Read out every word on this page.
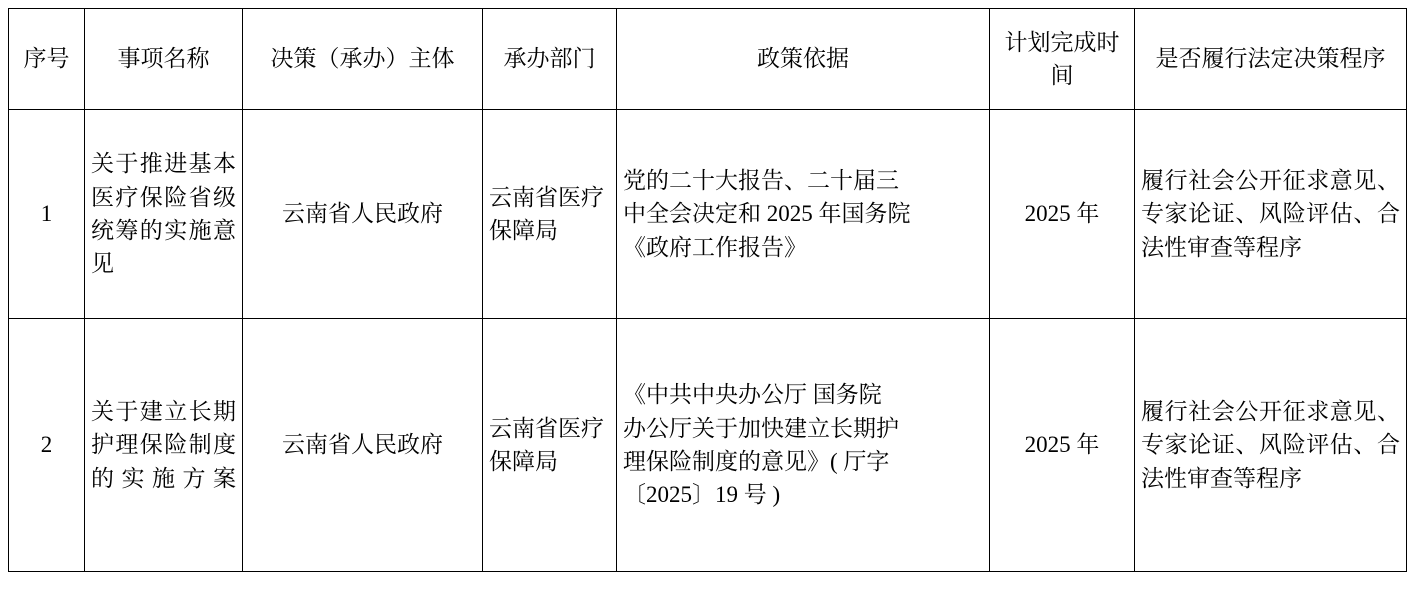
序号	事项名称	决策（承办）主体	承办部门	政策依据	计划完成时间	是否履行法定决策程序
1	关于推进基本医疗保险省级统筹的实施意见	云南省人民政府	云南省医疗保障局	党的二十大报告、二十届三
中全会决定和 2025 年国务院
《政府工作报告》	2025 年	履行社会公开征求意见、专家论证、风险评估、合法性审查等程序
2	关于建立长期护理保险制度的实施方案	云南省人民政府	云南省医疗保障局	《中共中央办公厅 国务院
办公厅关于加快建立长期护
理保险制度的意见》( 厅字
〔2025〕19 号 )	2025 年	履行社会公开征求意见、专家论证、风险评估、合法性审查等程序
